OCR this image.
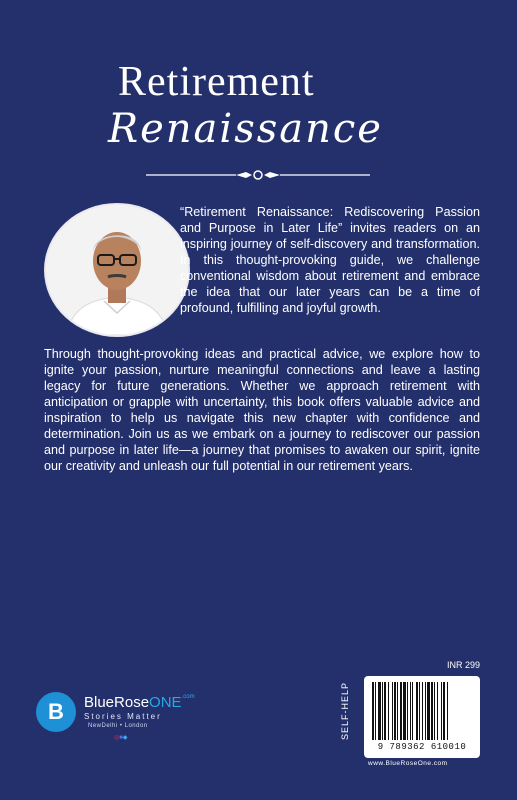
Retirement
Renaissance
“Retirement Renaissance: Rediscovering Passion and Purpose in Later Life” invites readers on an inspiring journey of self-discovery and transformation. In this thought-provoking guide, we challenge conventional wisdom about retirement and embrace the idea that our later years can be a time of profound, fulfilling and joyful growth.
Through thought-provoking ideas and practical advice, we explore how to ignite your passion, nurture meaningful connections and leave a lasting legacy for future generations. Whether we approach retirement with anticipation or grapple with uncertainty, this book offers valuable advice and inspiration to help us navigate this new chapter with confidence and determination. Join us as we embark on a journey to rediscover our passion and purpose in later life—a journey that promises to awaken our spirit, ignite our creativity and unleash our full potential in our retirement years.
B BlueRoseONE$^{.com}$
Stories Matter
NewDelhi • London
◎■◆
INR 299
SELF-HELP
9 789362 610010
www.BlueRoseOne.com
